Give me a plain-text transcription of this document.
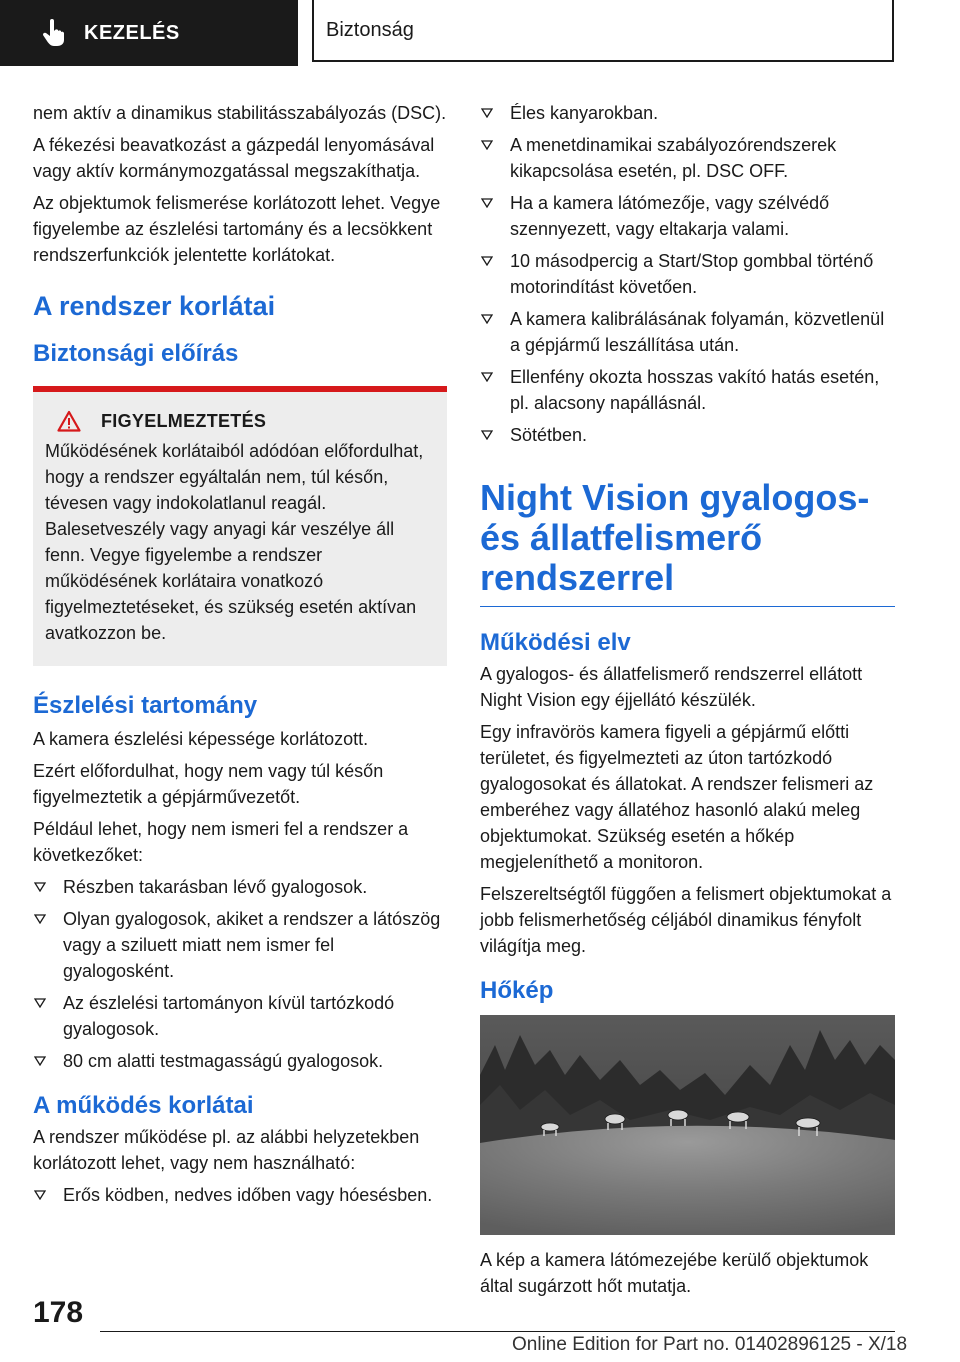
KEZELÉS	Biztonság

nem aktív a dinamikus stabilitásszabályozás (DSC).

A fékezési beavatkozást a gázpedál lenyomásával vagy aktív kormánymozgatással megszakíthatja.

Az objektumok felismerése korlátozott lehet. Vegye figyelembe az észlelési tartomány és a lecsökkent rendszerfunkciók jelentette korlátokat.

A rendszer korlátai
Biztonsági előírás
FIGYELMEZTETÉS

Működésének korlátaiból adódóan előfordulhat, hogy a rendszer egyáltalán nem, túl későn, tévesen vagy indokolatlanul reagál. Balesetveszély vagy anyagi kár veszélye áll fenn. Vegye figyelembe a rendszer működésének korlátaira vonatkozó figyelmeztetéseket, és szükség esetén aktívan avatkozzon be.

Észlelési tartomány

A kamera észlelési képessége korlátozott.

Ezért előfordulhat, hogy nem vagy túl későn figyelmeztetik a gépjárművezetőt.

Például lehet, hogy nem ismeri fel a rendszer a következőket:

Részben takarásban lévő gyalogosok.
Olyan gyalogosok, akiket a rendszer a látószög vagy a sziluett miatt nem ismer fel gyalogosként.
Az észlelési tartományon kívül tartózkodó gyalogosok.
80 cm alatti testmagasságú gyalogosok.
A működés korlátai

A rendszer működése pl. az alábbi helyzetekben korlátozott lehet, vagy nem használható:

Erős ködben, nedves időben vagy hóesésben.
Éles kanyarokban.
A menetdinamikai szabályozórendszerek kikapcsolása esetén, pl. DSC OFF.
Ha a kamera látómezője, vagy szélvédő szennyezett, vagy eltakarja valami.
10 másodpercig a Start/Stop gombbal történő motorindítást követően.
A kamera kalibrálásának folyamán, közvetlenül a gépjármű leszállítása után.
Ellenfény okozta hosszas vakító hatás esetén, pl. alacsony napállásnál.
Sötétben.
Night Vision gyalogos- és állatfelismerő rendszerrel
Működési elv

A gyalogos- és állatfelismerő rendszerrel ellátott Night Vision egy éjjellátó készülék.

Egy infravörös kamera figyeli a gépjármű előtti területet, és figyelmezteti az úton tartózkodó gyalogosokat és állatokat. A rendszer felismeri az emberéhez vagy állatéhoz hasonló alakú meleg objektumokat. Szükség esetén a hőkép megjeleníthető a monitoron.

Felszereltségtől függően a felismert objektumokat a jobb felismerhetőség céljából dinamikus fényfolt világítja meg.

Hőkép

A kép a kamera látómezejébe kerülő objektumok által sugárzott hőt mutatja.

178
Online Edition for Part no. 01402896125 - X/18
